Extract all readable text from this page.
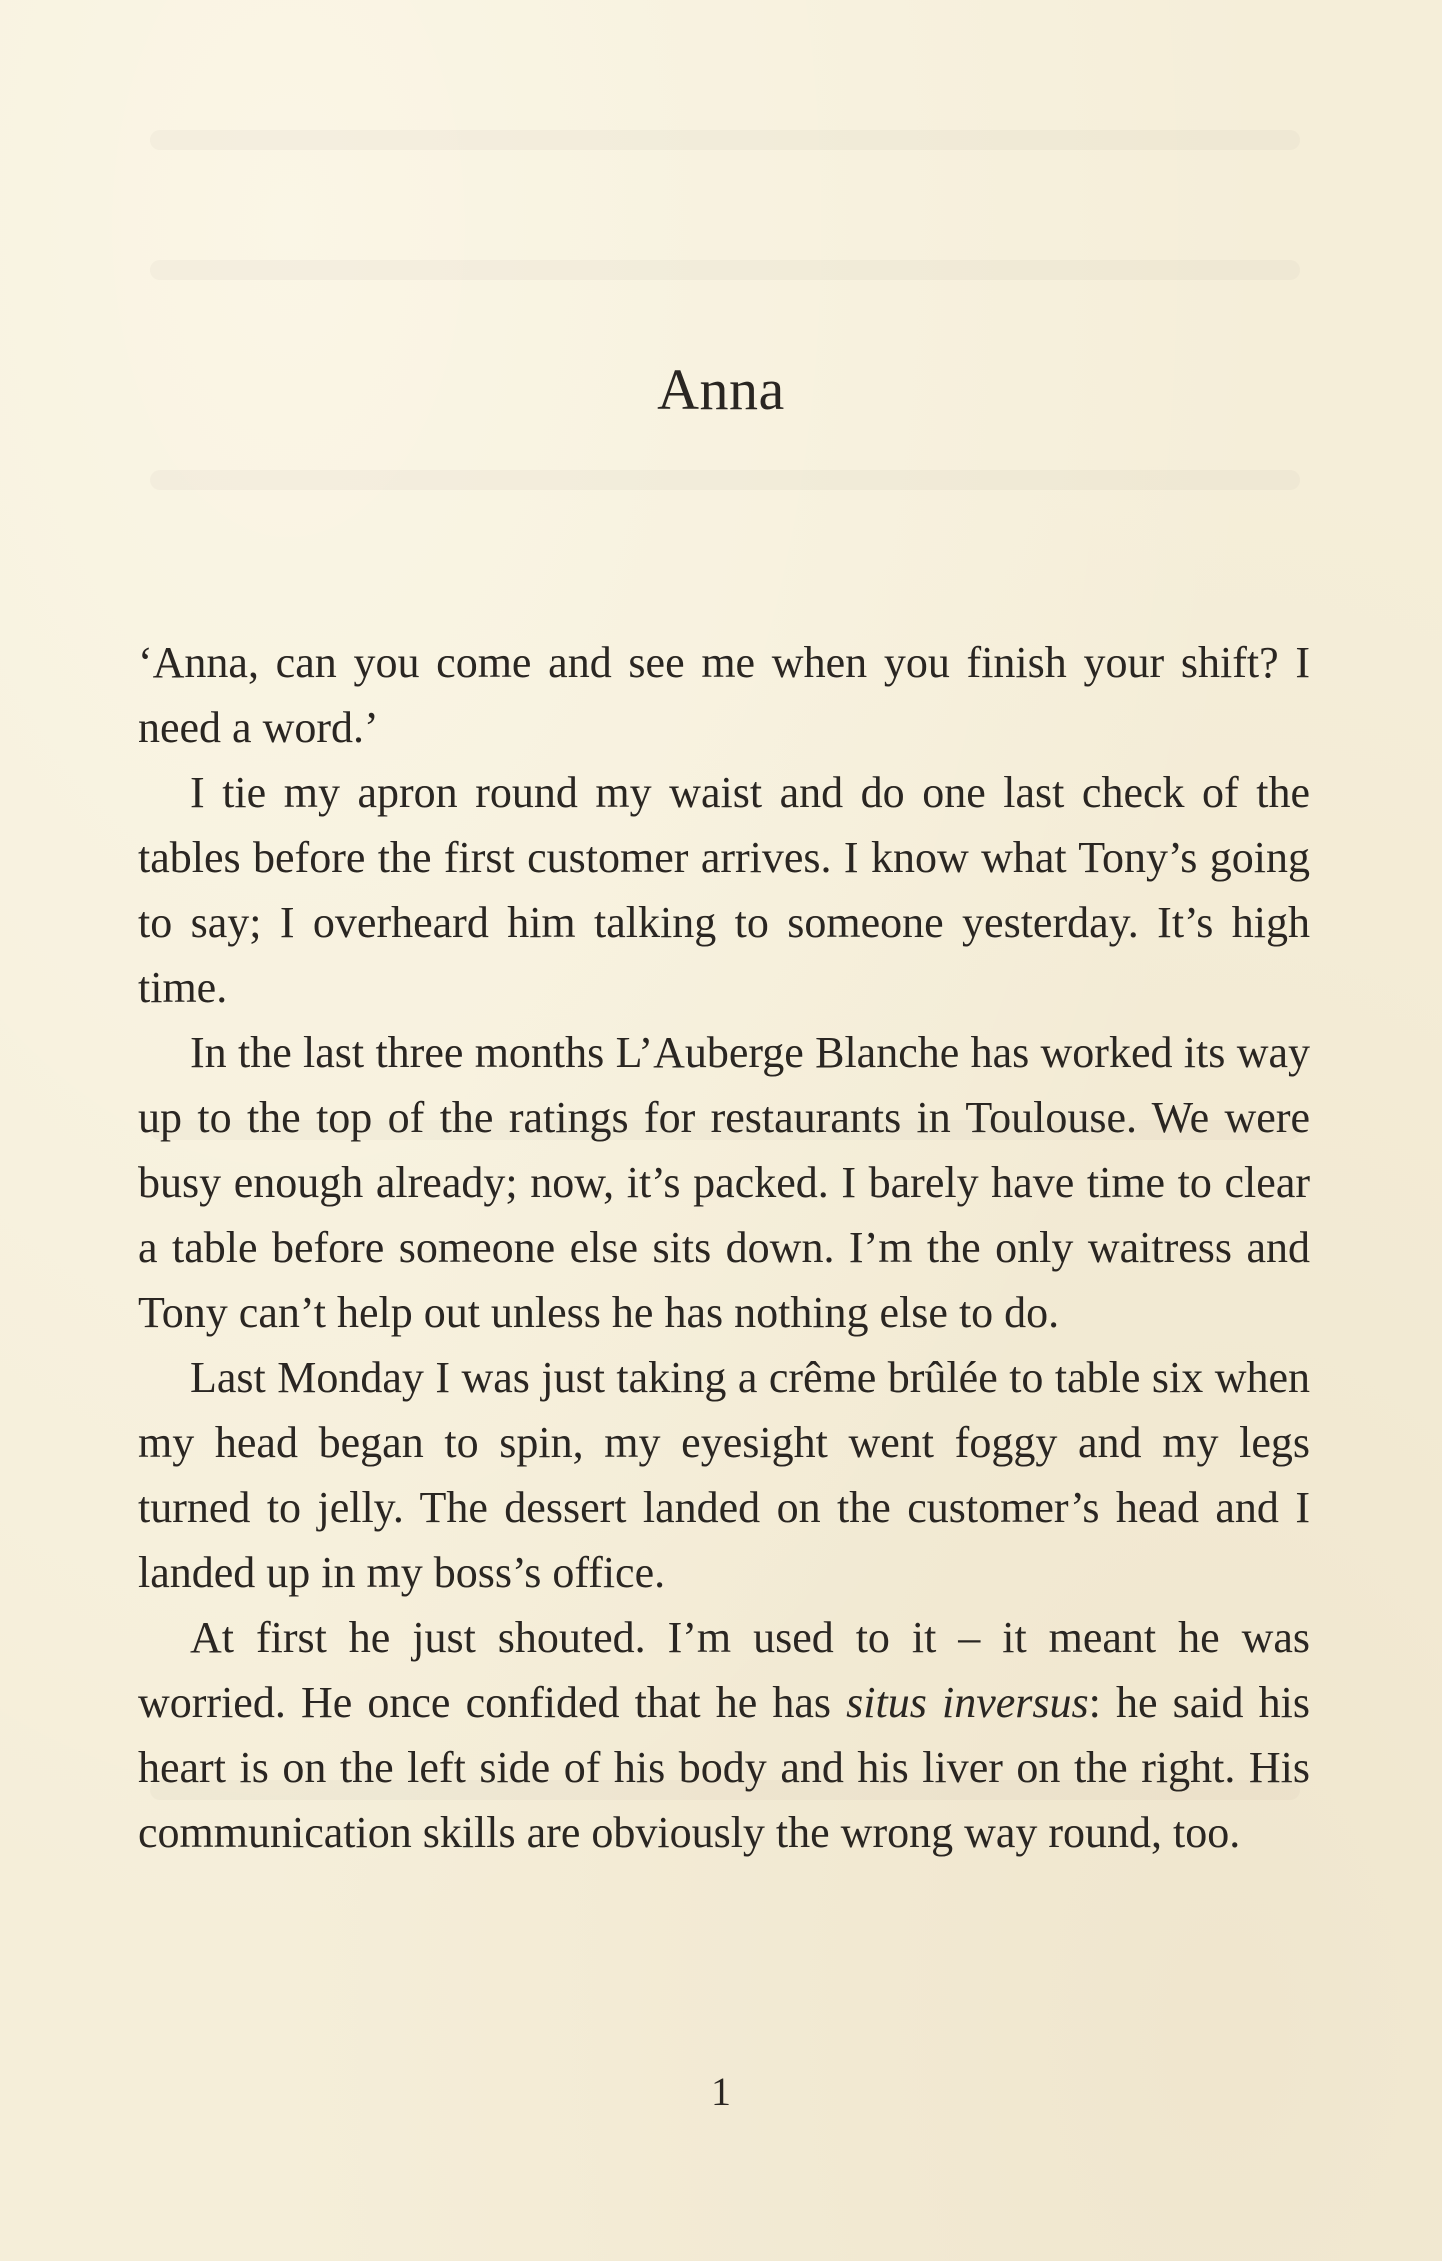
Anna

‘Anna, can you come and see me when you finish your shift? I need a word.’

I tie my apron round my waist and do one last check of the tables before the first customer arrives. I know what Tony’s going to say; I overheard him talking to someone yesterday. It’s high time.

In the last three months L’Auberge Blanche has worked its way up to the top of the ratings for restaurants in Toulouse. We were busy enough already; now, it’s packed. I barely have time to clear a table before someone else sits down. I’m the only waitress and Tony can’t help out unless he has nothing else to do.

Last Monday I was just taking a crême brûlée to table six when my head began to spin, my eyesight went foggy and my legs turned to jelly. The dessert landed on the customer’s head and I landed up in my boss’s office.

At first he just shouted. I’m used to it – it meant he was worried. He once confided that he has situs inversus: he said his heart is on the left side of his body and his liver on the right. His communication skills are obviously the wrong way round, too.

1
